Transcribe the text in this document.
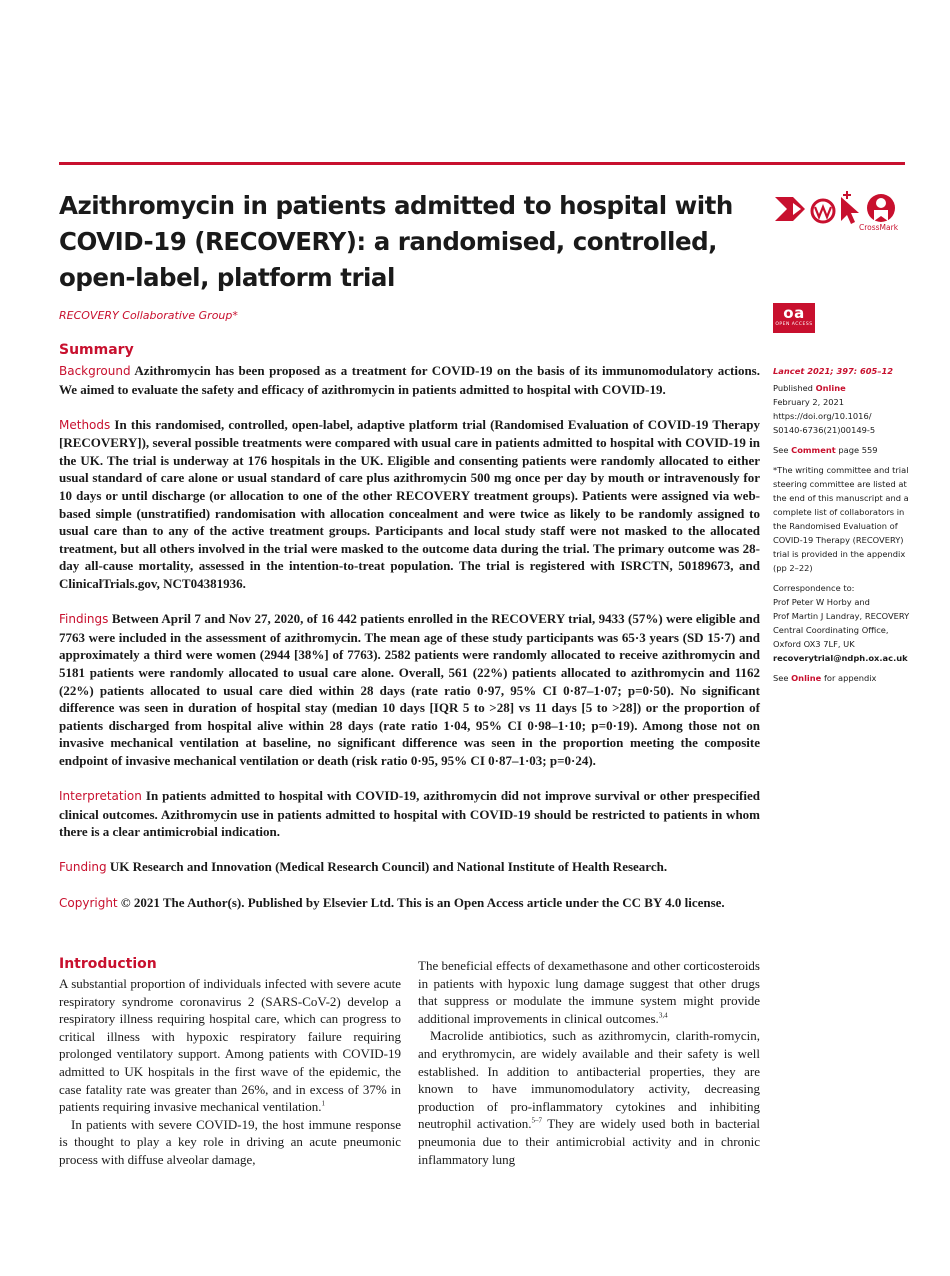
Azithromycin in patients admitted to hospital with COVID-19 (RECOVERY): a randomised, controlled, open-label, platform trial
RECOVERY Collaborative Group*
CrossMark
oa
OPEN ACCESS
Summary

Background Azithromycin has been proposed as a treatment for COVID-19 on the basis of its immunomodulatory actions. We aimed to evaluate the safety and efficacy of azithromycin in patients admitted to hospital with COVID-19.

Methods In this randomised, controlled, open-label, adaptive platform trial (Randomised Evaluation of COVID-19 Therapy [RECOVERY]), several possible treatments were compared with usual care in patients admitted to hospital with COVID-19 in the UK. The trial is underway at 176 hospitals in the UK. Eligible and consenting patients were randomly allocated to either usual standard of care alone or usual standard of care plus azithromycin 500 mg once per day by mouth or intravenously for 10 days or until discharge (or allocation to one of the other RECOVERY treatment groups). Patients were assigned via web-based simple (unstratified) randomisation with allocation concealment and were twice as likely to be randomly assigned to usual care than to any of the active treatment groups. Participants and local study staff were not masked to the allocated treatment, but all others involved in the trial were masked to the outcome data during the trial. The primary outcome was 28-day all-cause mortality, assessed in the intention-to-treat population. The trial is registered with ISRCTN, 50189673, and ClinicalTrials.gov, NCT04381936.

Findings Between April 7 and Nov 27, 2020, of 16 442 patients enrolled in the RECOVERY trial, 9433 (57%) were eligible and 7763 were included in the assessment of azithromycin. The mean age of these study participants was 65·3 years (SD 15·7) and approximately a third were women (2944 [38%] of 7763). 2582 patients were randomly allocated to receive azithromycin and 5181 patients were randomly allocated to usual care alone. Overall, 561 (22%) patients allocated to azithromycin and 1162 (22%) patients allocated to usual care died within 28 days (rate ratio 0·97, 95% CI 0·87–1·07; p=0·50). No significant difference was seen in duration of hospital stay (median 10 days [IQR 5 to >28] vs 11 days [5 to >28]) or the proportion of patients discharged from hospital alive within 28 days (rate ratio 1·04, 95% CI 0·98–1·10; p=0·19). Among those not on invasive mechanical ventilation at baseline, no significant difference was seen in the proportion meeting the composite endpoint of invasive mechanical ventilation or death (risk ratio 0·95, 95% CI 0·87–1·03; p=0·24).

Interpretation In patients admitted to hospital with COVID-19, azithromycin did not improve survival or other prespecified clinical outcomes. Azithromycin use in patients admitted to hospital with COVID-19 should be restricted to patients in whom there is a clear antimicrobial indication.

Funding UK Research and Innovation (Medical Research Council) and National Institute of Health Research.

Copyright © 2021 The Author(s). Published by Elsevier Ltd. This is an Open Access article under the CC BY 4.0 license.

Introduction

A substantial proportion of individuals infected with severe acute respiratory syndrome coronavirus 2 (SARS-CoV-2) develop a respiratory illness requiring hospital care, which can progress to critical illness with hypoxic respiratory failure requiring prolonged ventilatory support. Among patients with COVID-19 admitted to UK hospitals in the first wave of the epidemic, the case fatality rate was greater than 26%, and in excess of 37% in patients requiring invasive mechanical ventilation.$^1$

In patients with severe COVID-19, the host immune response is thought to play a key role in driving an acute pneumonic process with diffuse alveolar damage,

The beneficial effects of dexamethasone and other corticosteroids in patients with hypoxic lung damage suggest that other drugs that suppress or modulate the immune system might provide additional improvements in clinical outcomes.$^{3,4}$

Macrolide antibiotics, such as azithromycin, clarith-romycin, and erythromycin, are widely available and their safety is well established. In addition to antibacterial properties, they are known to have immunomodulatory activity, decreasing production of pro-inflammatory cytokines and inhibiting neutrophil activation.$^{5-7}$ They are widely used both in bacterial pneumonia due to their antimicrobial activity and in chronic inflammatory lung

Lancet 2021; 397: 605–12

Published Online

February 2, 2021

https://doi.org/10.1016/

S0140-6736(21)00149-5

See Comment page 559

*The writing committee and trial steering committee are listed at the end of this manuscript and a complete list of collaborators in the Randomised Evaluation of COVID-19 Therapy (RECOVERY) trial is provided in the appendix (pp 2–22)

Correspondence to:

Prof Peter W Horby and

Prof Martin J Landray, RECOVERY

Central Coordinating Office,

Oxford OX3 7LF, UK

recoverytrial@ndph.ox.ac.uk

See Online for appendix
